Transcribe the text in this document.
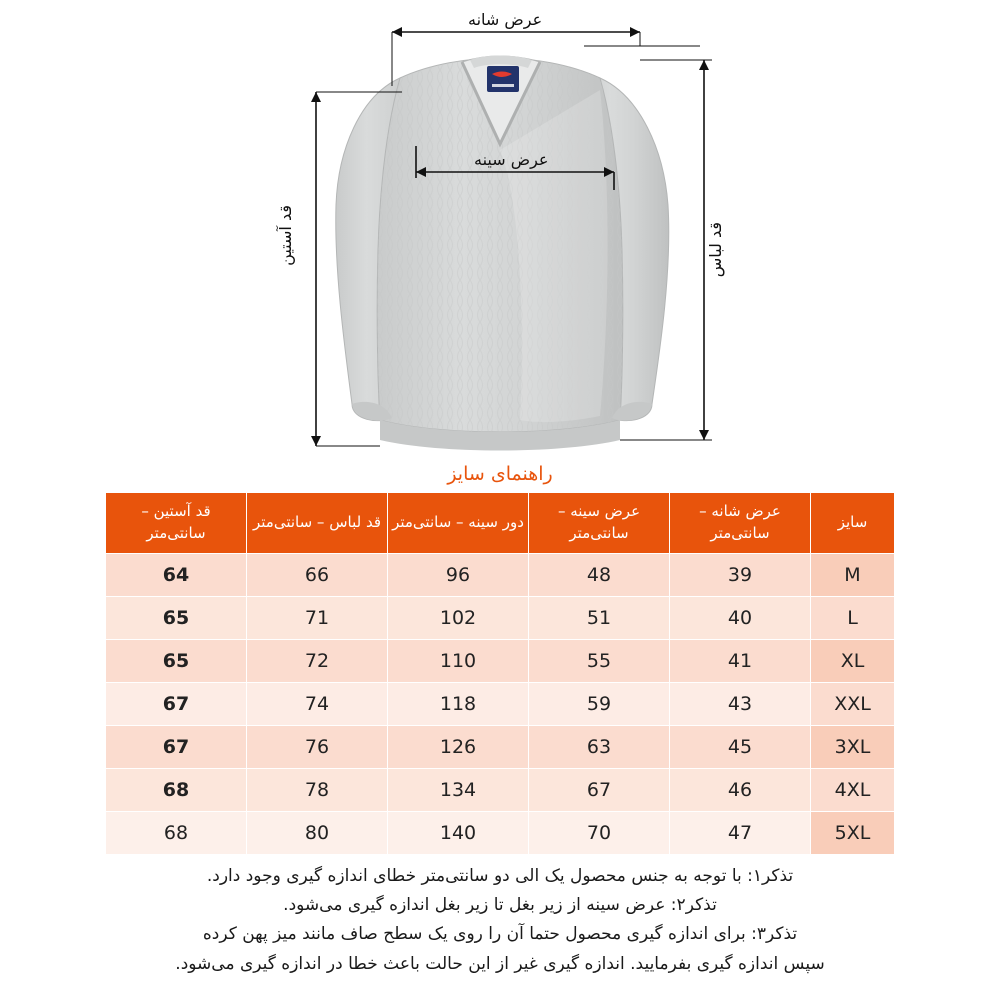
عرض شانه
عرض سینه
قد آستین	قد لباس
راهنمای سایز
سایز	عرض شانه – سانتی‌متر	عرض سینه – سانتی‌متر	دور سینه – سانتی‌متر	قد لباس – سانتی‌متر	قد آستین – سانتی‌متر
M	39	48	96	66	64
L	40	51	102	71	65
XL	41	55	110	72	65
XXL	43	59	118	74	67
3XL	45	63	126	76	67
4XL	46	67	134	78	68
5XL	47	70	140	80	68
تذکر۱: با توجه به جنس محصول یک الی دو سانتی‌متر خطای اندازه گیری وجود دارد.
تذکر۲: عرض سینه از زیر بغل تا زیر بغل اندازه گیری می‌شود.
تذکر۳: برای اندازه گیری محصول حتما آن را روی یک سطح صاف مانند میز پهن کرده
سپس اندازه گیری بفرمایید. اندازه گیری غیر از این حالت باعث خطا در اندازه گیری می‌شود.
